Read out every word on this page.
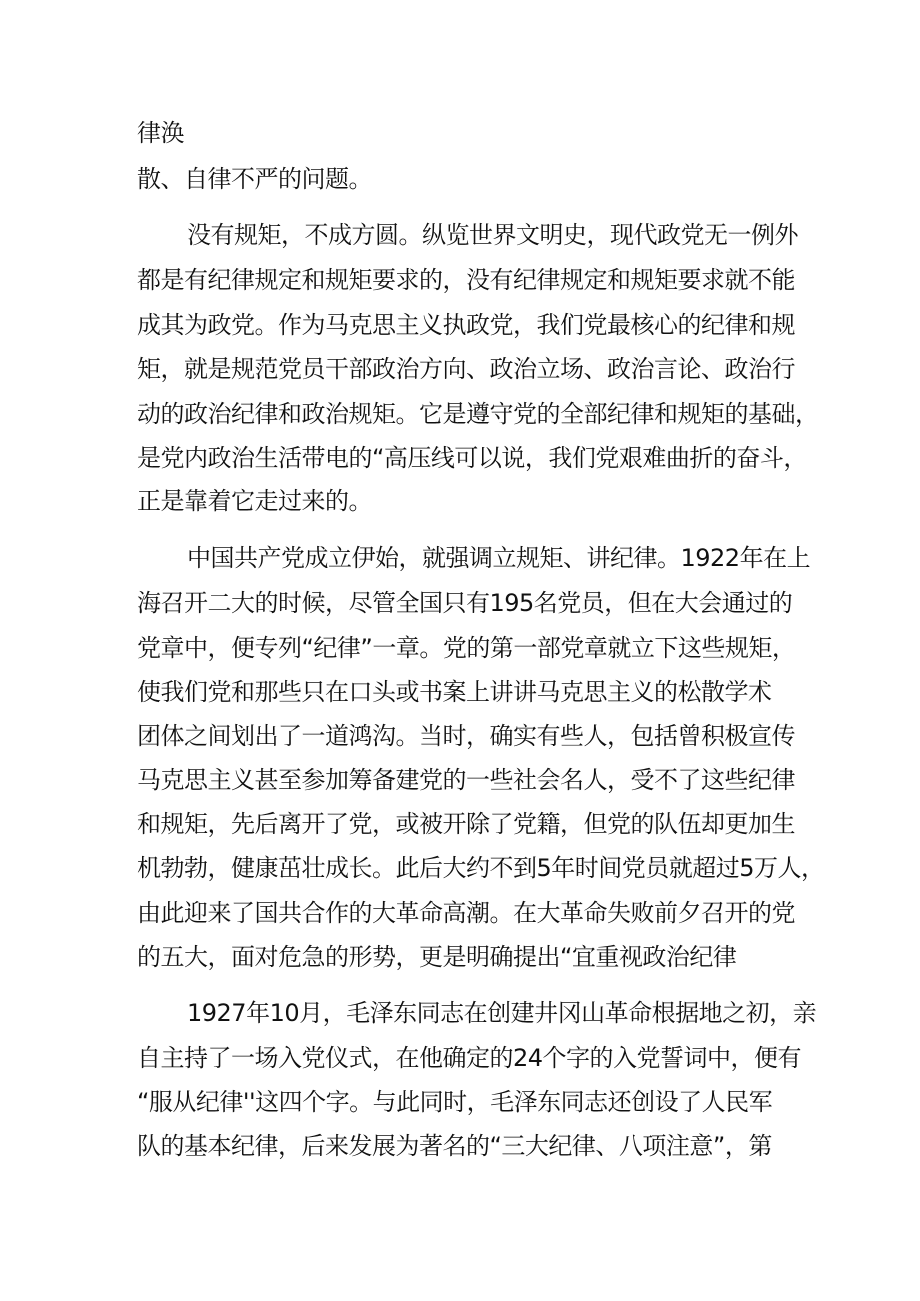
律涣
散、自律不严的问题。
没有规矩，不成方圆。纵览世界文明史，现代政党无一例外
都是有纪律规定和规矩要求的，没有纪律规定和规矩要求就不能
成其为政党。作为马克思主义执政党，我们党最核心的纪律和规
矩，就是规范党员干部政治方向、政治立场、政治言论、政治行
动的政治纪律和政治规矩。它是遵守党的全部纪律和规矩的基础，
是党内政治生活带电的“高压线可以说，我们党艰难曲折的奋斗，
正是靠着它走过来的。
中国共产党成立伊始，就强调立规矩、讲纪律。1922年在上
海召开二大的时候，尽管全国只有195名党员，但在大会通过的
党章中，便专列“纪律”一章。党的第一部党章就立下这些规矩，
使我们党和那些只在口头或书案上讲讲马克思主义的松散学术
团体之间划出了一道鸿沟。当时，确实有些人，包括曾积极宣传
马克思主义甚至参加筹备建党的一些社会名人，受不了这些纪律
和规矩，先后离开了党，或被开除了党籍，但党的队伍却更加生
机勃勃，健康茁壮成长。此后大约不到5年时间党员就超过5万人，
由此迎来了国共合作的大革命高潮。在大革命失败前夕召开的党
的五大，面对危急的形势，更是明确提出“宜重视政治纪律
1927年10月，毛泽东同志在创建井冈山革命根据地之初，亲
自主持了一场入党仪式，在他确定的24个字的入党誓词中，便有
“服从纪律''这四个字。与此同时，毛泽东同志还创设了人民军
队的基本纪律，后来发展为著名的“三大纪律、八项注意”，第
